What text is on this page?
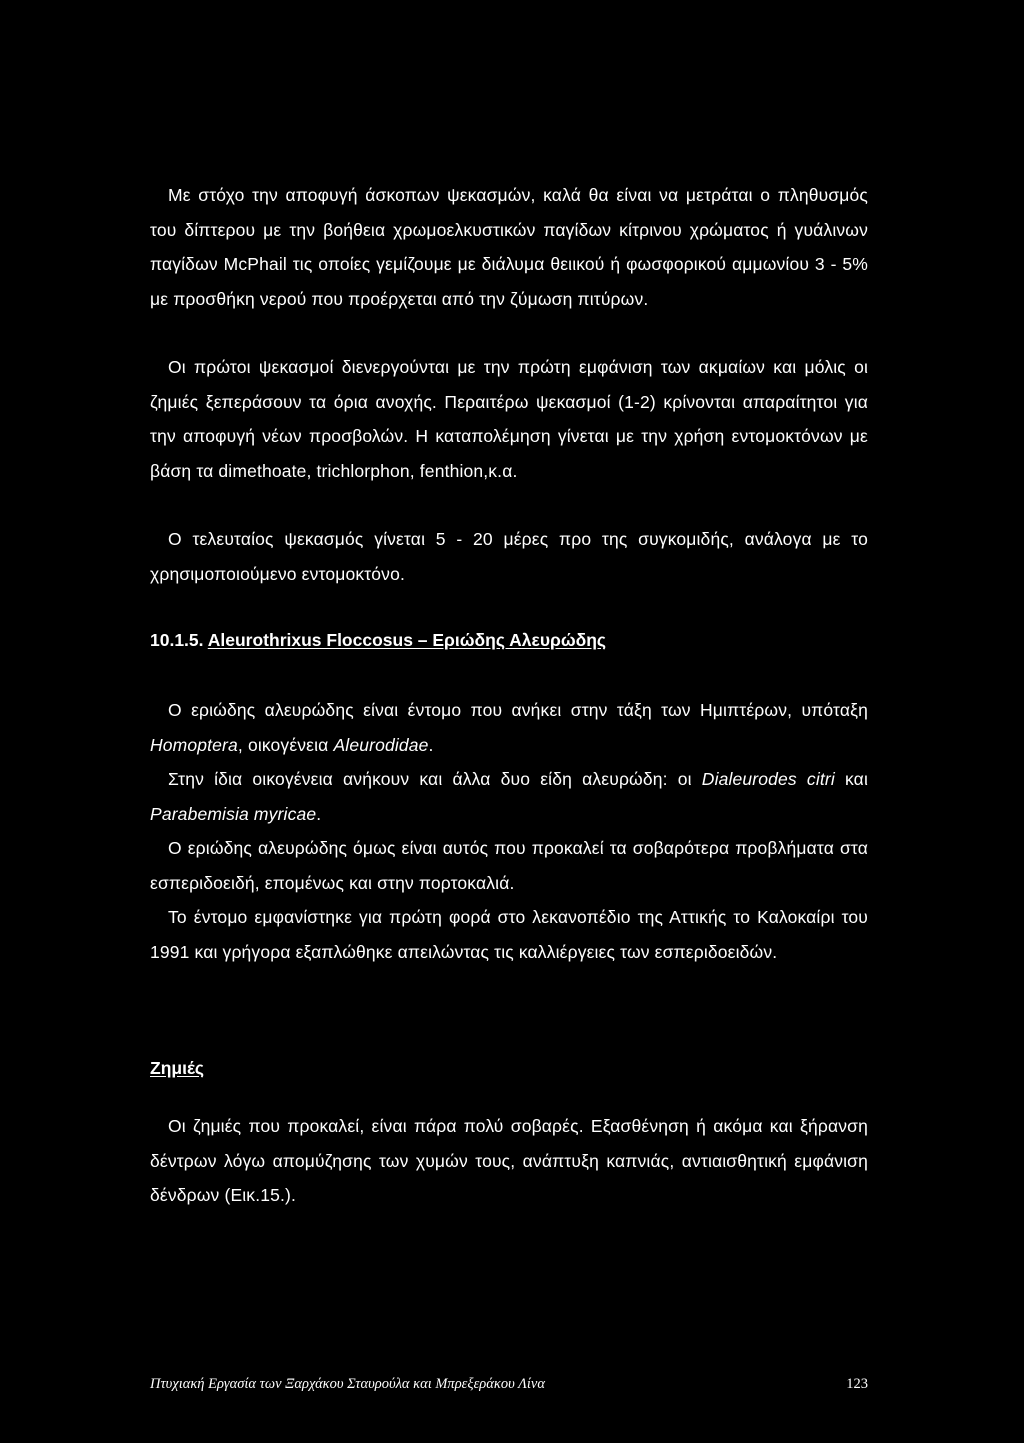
Με στόχο την αποφυγή άσκοπων ψεκασμών, καλά θα είναι να μετράται ο πληθυσμός του δίπτερου με την βοήθεια χρωμοελκυστικών παγίδων κίτρινου χρώματος ή γυάλινων παγίδων McPhail τις οποίες γεμίζουμε με διάλυμα θειικού ή φωσφορικού αμμωνίου 3 - 5% με προσθήκη νερού που προέρχεται από την ζύμωση πιτύρων.

Οι πρώτοι ψεκασμοί διενεργούνται με την πρώτη εμφάνιση των ακμαίων και μόλις οι ζημιές ξεπεράσουν τα όρια ανοχής. Περαιτέρω ψεκασμοί (1-2) κρίνονται απαραίτητοι για την αποφυγή νέων προσβολών. Η καταπολέμηση γίνεται με την χρήση εντομοκτόνων με βάση τα dimethoate, trichlorphon, fenthion,κ.α.

Ο τελευταίος ψεκασμός γίνεται 5 - 20 μέρες προ της συγκομιδής, ανάλογα με το χρησιμοποιούμενο εντομοκτόνο.

10.1.5. Aleurothrixus Floccosus – Εριώδης Αλευρώδης

Ο εριώδης αλευρώδης είναι έντομο που ανήκει στην τάξη των Ημιπτέρων, υπόταξη Homoptera, οικογένεια Aleurodidae.

Στην ίδια οικογένεια ανήκουν και άλλα δυο είδη αλευρώδη: οι Dialeurodes citri και Parabemisia myricae.

Ο εριώδης αλευρώδης όμως είναι αυτός που προκαλεί τα σοβαρότερα προβλήματα στα εσπεριδοειδή, επομένως και στην πορτοκαλιά.

Το έντομο εμφανίστηκε για πρώτη φορά στο λεκανοπέδιο της Αττικής το Καλοκαίρι του 1991 και γρήγορα εξαπλώθηκε απειλώντας τις καλλιέργειες των εσπεριδοειδών.

Ζημιές

Οι ζημιές που προκαλεί, είναι πάρα πολύ σοβαρές. Εξασθένηση ή ακόμα και ξήρανση δέντρων λόγω απομύζησης των χυμών τους, ανάπτυξη καπνιάς, αντιαισθητική εμφάνιση δένδρων (Εικ.15.).

Πτυχιακή Εργασία των Ξαρχάκου Σταυρούλα και Μπρεξεράκου Λίνα	123
